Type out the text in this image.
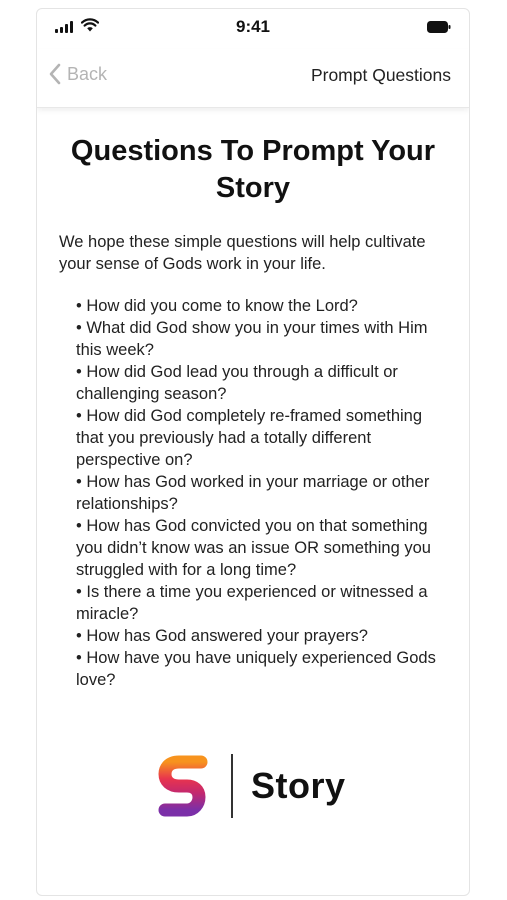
9:41
Back	Prompt Questions
Questions To Prompt Your Story
We hope these simple questions will help cultivate your sense of Gods work in your life.
• How did you come to know the Lord?
• What did God show you in your times with Him this week?
• How did God lead you through a difficult or challenging season?
• How did God completely re-framed something that you previously had a totally different perspective on?
• How has God worked in your marriage or other relationships?
• How has God convicted you on that something you didn’t know was an issue OR something you struggled with for a long time?
• Is there a time you experienced or witnessed a miracle?
• How has God answered your prayers?
• How have you have uniquely experienced Gods love?
Story
